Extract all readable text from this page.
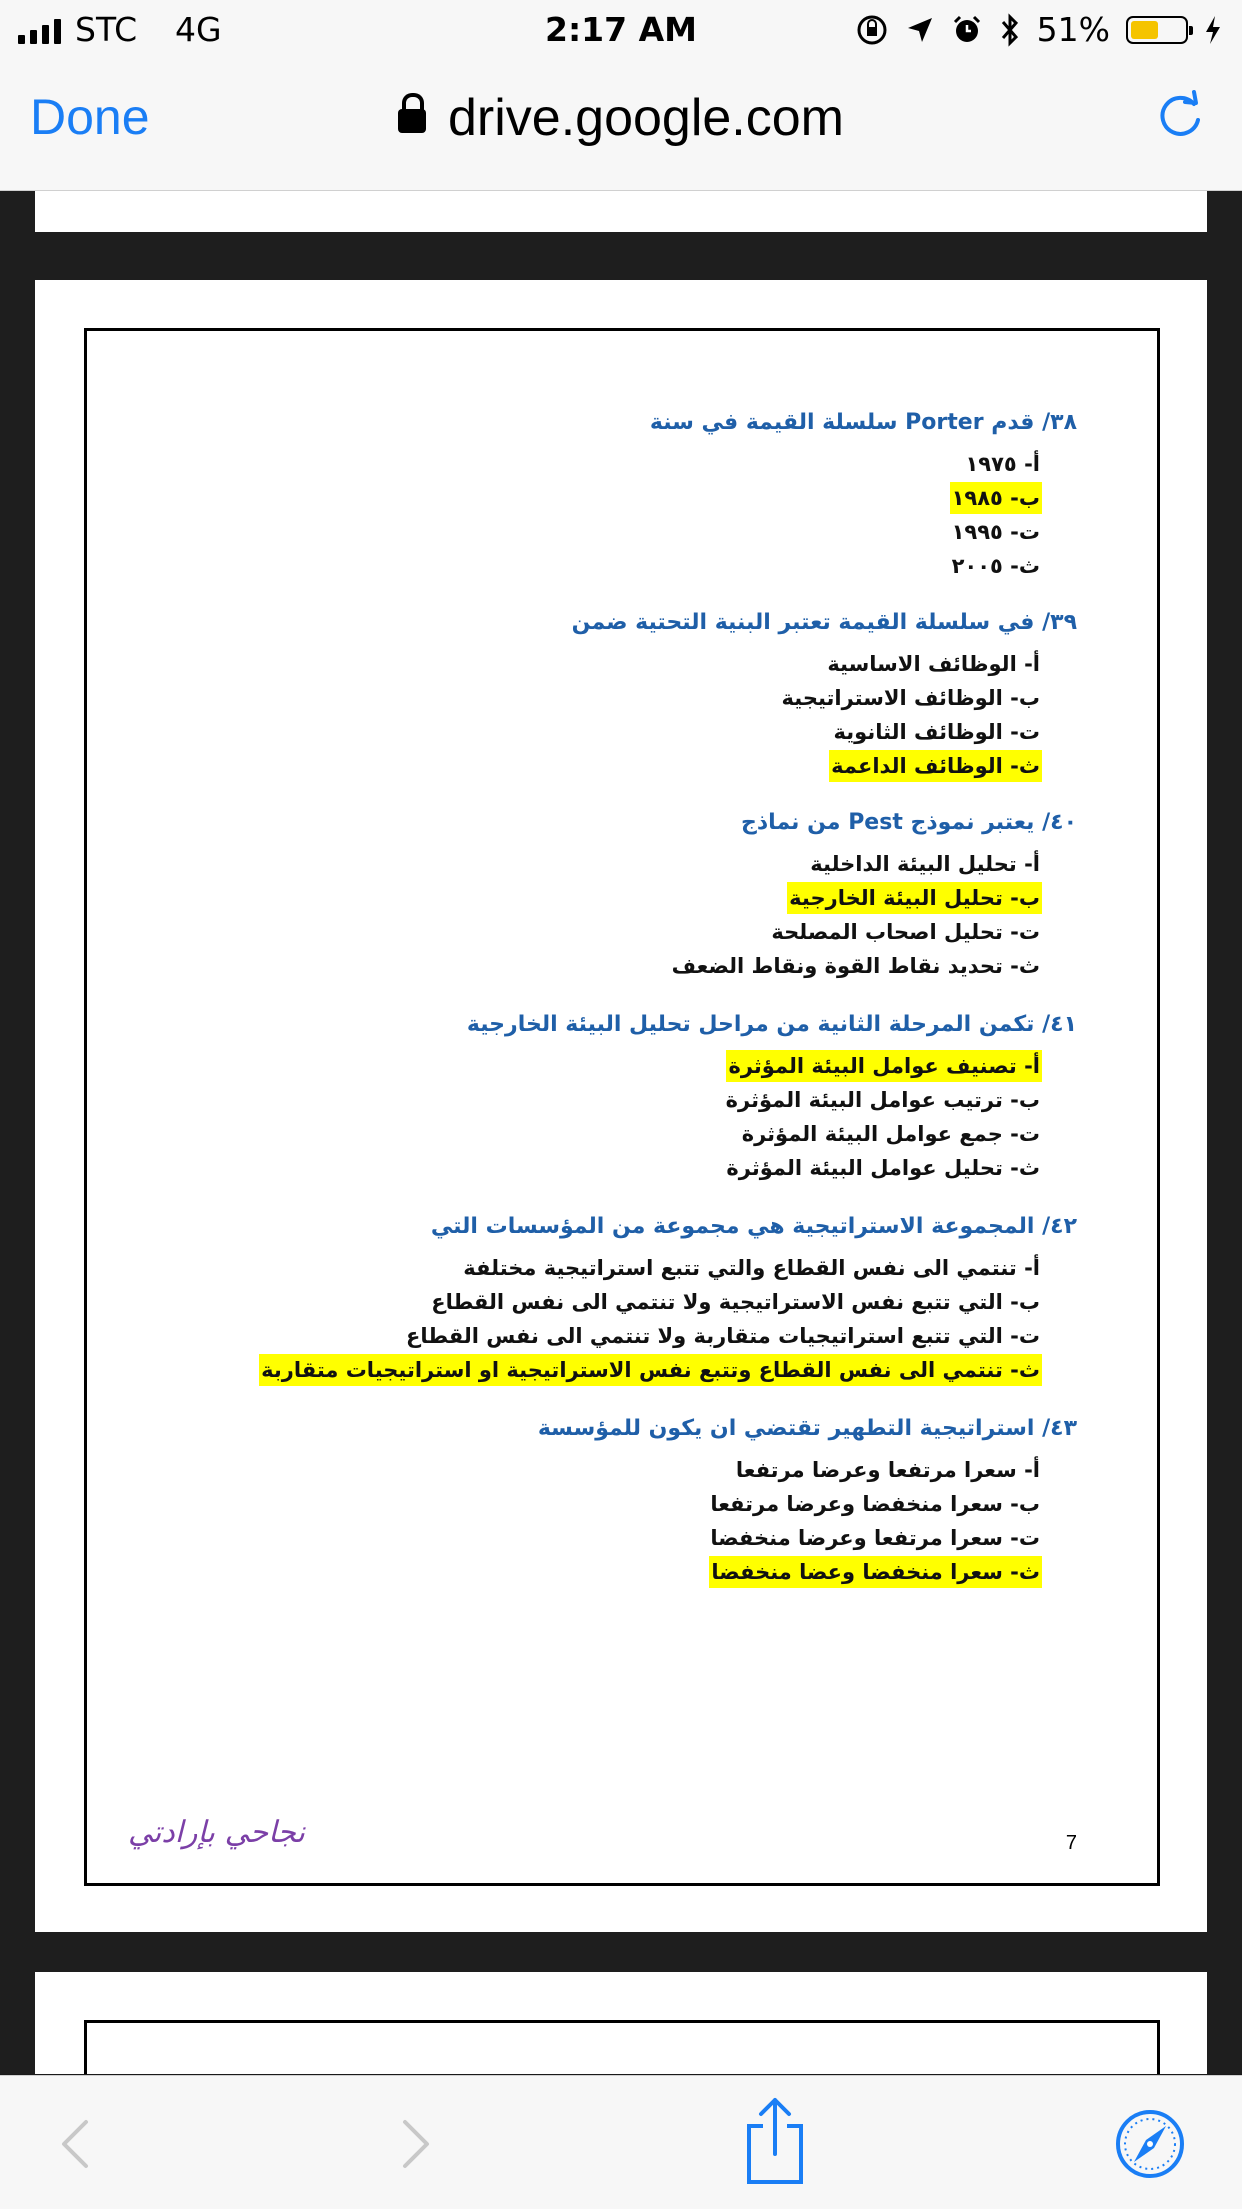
STC 4G	2:17 AM	51%
Done	drive.google.com
٣٨/ قدم Porter سلسلة القيمة في سنة
أ- ١٩٧٥
ب- ١٩٨٥
ت- ١٩٩٥
ث- ٢٠٠٥
٣٩/ في سلسلة القيمة تعتبر البنية التحتية ضمن
أ- الوظائف الاساسية
ب- الوظائف الاستراتيجية
ت- الوظائف الثانوية
ث- الوظائف الداعمة
٤٠/ يعتبر نموذج Pest من نماذج
أ- تحليل البيئة الداخلية
ب- تحليل البيئة الخارجية
ت- تحليل اصحاب المصلحة
ث- تحديد نقاط القوة ونقاط الضعف
٤١/ تكمن المرحلة الثانية من مراحل تحليل البيئة الخارجية
أ- تصنيف عوامل البيئة المؤثرة
ب- ترتيب عوامل البيئة المؤثرة
ت- جمع عوامل البيئة المؤثرة
ث- تحليل عوامل البيئة المؤثرة
٤٢/ المجموعة الاستراتيجية هي مجموعة من المؤسسات التي
أ- تنتمي الى نفس القطاع والتي تتبع استراتيجية مختلفة
ب- التي تتبع نفس الاستراتيجية ولا تنتمي الى نفس القطاع
ت- التي تتبع استراتيجيات متقاربة ولا تنتمي الى نفس القطاع
ث- تنتمي الى نفس القطاع وتتبع نفس الاستراتيجية او استراتيجيات متقاربة
٤٣/ استراتيجية التطهير تقتضي ان يكون للمؤسسة
أ- سعرا مرتفعا وعرضا مرتفعا
ب- سعرا منخفضا وعرضا مرتفعا
ت- سعرا مرتفعا وعرضا منخفضا
ث- سعرا منخفضا وعضا منخفضا
7
نجاحي بإرادتي
